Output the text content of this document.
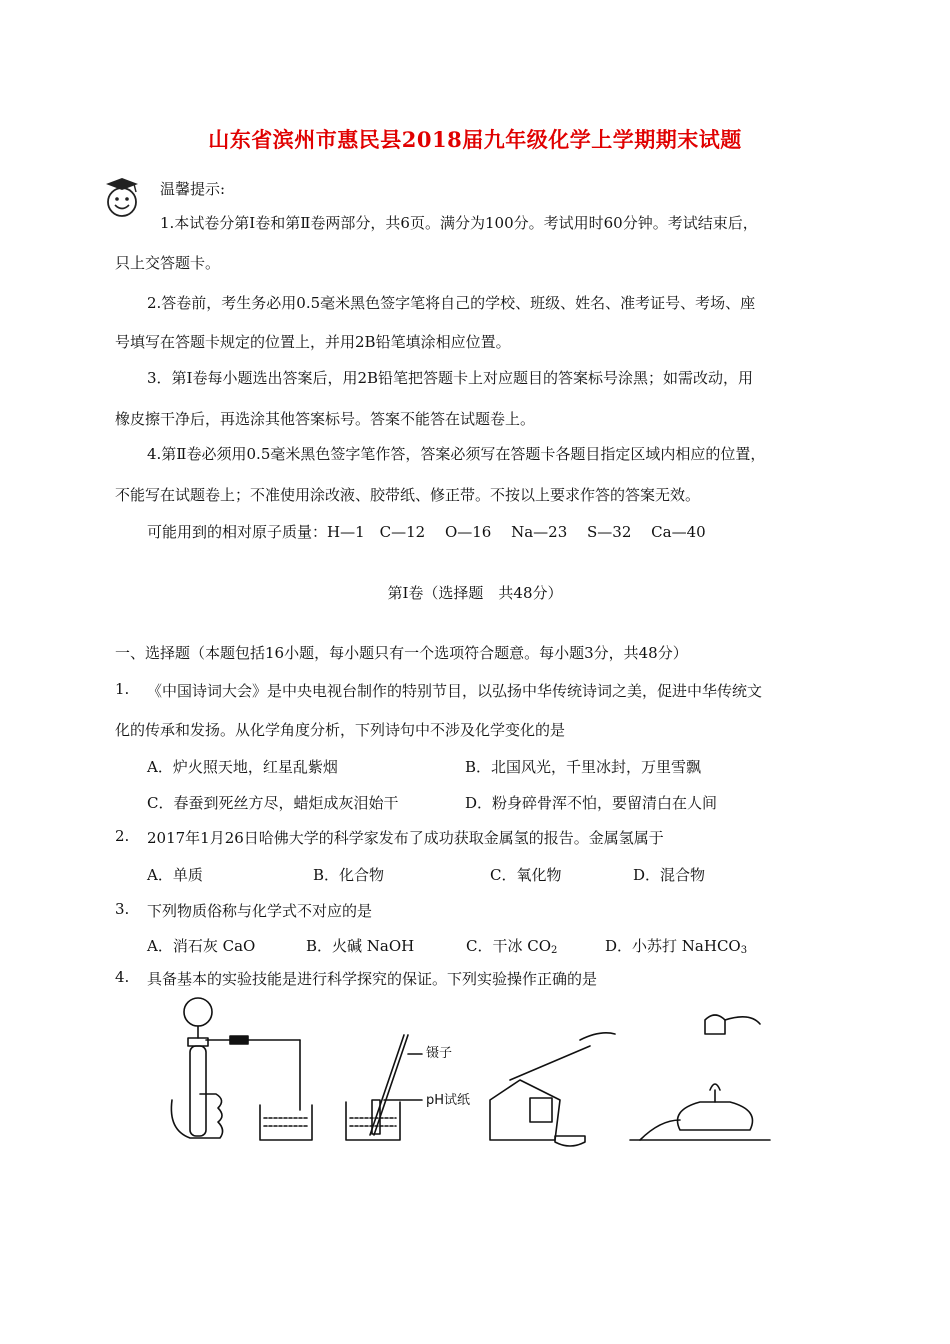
山东省滨州市惠民县2018届九年级化学上学期期末试题
温馨提示:
1.本试卷分第Ⅰ卷和第Ⅱ卷两部分，共6页。满分为100分。考试用时60分钟。考试结束后，
只上交答题卡。
2.答卷前，考生务必用0.5毫米黑色签字笔将自己的学校、班级、姓名、准考证号、考场、座
号填写在答题卡规定的位置上，并用2B铅笔填涂相应位置。
3．第Ⅰ卷每小题选出答案后，用2B铅笔把答题卡上对应题目的答案标号涂黑；如需改动，用
橡皮擦干净后，再选涂其他答案标号。答案不能答在试题卷上。
4.第Ⅱ卷必须用0.5毫米黑色签字笔作答，答案必须写在答题卡各题目指定区域内相应的位置，
不能写在试题卷上；不准使用涂改液、胶带纸、修正带。不按以上要求作答的答案无效。
可能用到的相对原子质量：H—1　C—12　 O—16　 Na—23　 S—32　 Ca—40
第Ⅰ卷（选择题　共48分）
一、选择题（本题包括16小题，每小题只有一个选项符合题意。每小题3分，共48分）
1. 《中国诗词大会》是中央电视台制作的特别节目，以弘扬中华传统诗词之美，促进中华传统文
化的传承和发扬。从化学角度分析，下列诗句中不涉及化学变化的是
A．炉火照天地，红星乱紫烟	B．北国风光，千里冰封，万里雪飘
C．春蚕到死丝方尽，蜡炬成灰泪始干	D．粉身碎骨浑不怕，要留清白在人间
2. 2017年1月26日哈佛大学的科学家发布了成功获取金属氢的报告。金属氢属于
A．单质	B．化合物	C．氧化物	D．混合物
3. 下列物质俗称与化学式不对应的是
A．消石灰 CaO	B．火碱 NaOH	C．干冰 $CO_2$	D．小苏打 NaHCO$_3$
4. 具备基本的实验技能是进行科学探究的保证。下列实验操作正确的是
镊子
pH试纸
